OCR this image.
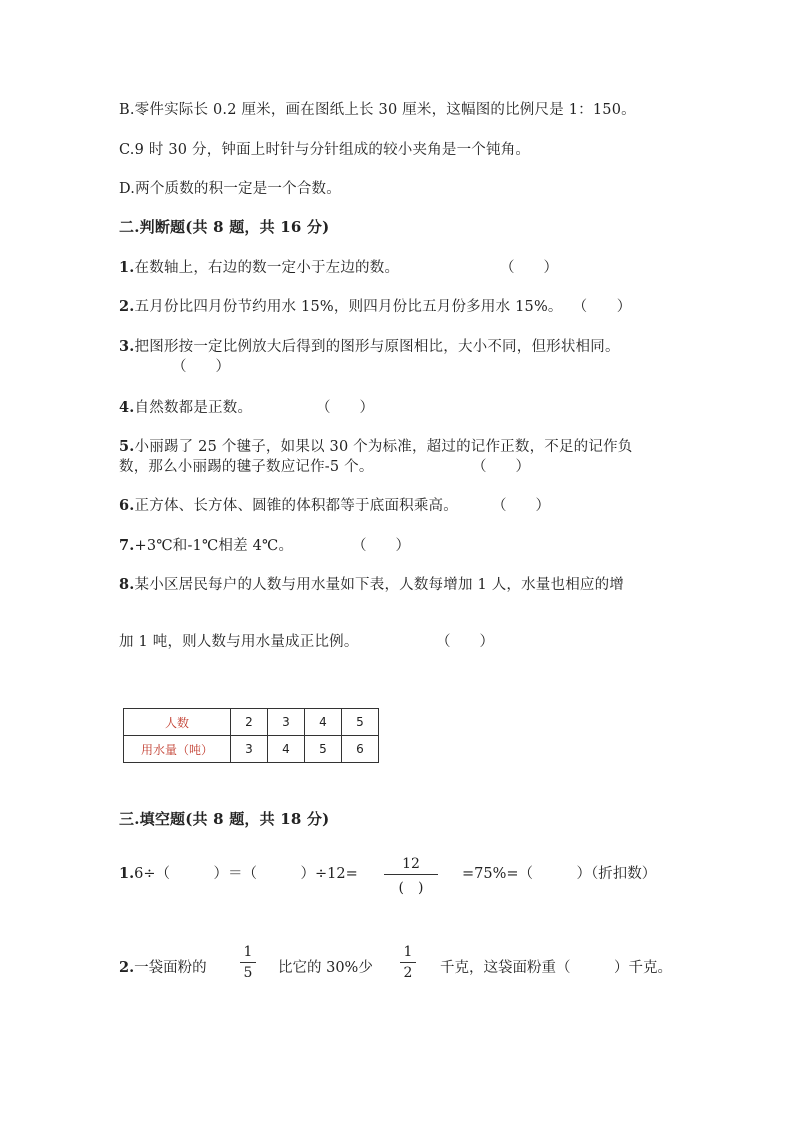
B.零件实际长 0.2 厘米，画在图纸上长 30 厘米，这幅图的比例尺是 1：150。
C.9 时 30 分，钟面上时针与分针组成的较小夹角是一个钝角。
D.两个质数的积一定是一个合数。
二.判断题(共 8 题，共 16 分)
1.在数轴上，右边的数一定小于左边的数。	（　　）
2.五月份比四月份节约用水 15%，则四月份比五月份多用水 15%。 （　　）
3.把图形按一定比例放大后得到的图形与原图相比，大小不同，但形状相同。
（　　）
4.自然数都是正数。	（　　）
5.小丽踢了 25 个毽子，如果以 30 个为标准，超过的记作正数，不足的记作负
数，那么小丽踢的毽子数应记作-5 个。	（　　）
6.正方体、长方体、圆锥的体积都等于底面积乘高。 （　　）
7.+3℃和-1℃相差 4℃。	（　　）
8.某小区居民每户的人数与用水量如下表，人数每增加 1 人，水量也相应的增
加 1 吨，则人数与用水量成正比例。	（　　）
人数	2	3	4	5
用水量（吨）	3	4	5	6
三.填空题(共 8 题，共 18 分)
1.6÷（　　　）＝（　　　）÷12=
12
(　)
=75%=（　　　）（折扣数）
2.一袋面粉的
1
5 比它的 30%少
1
2 千克，这袋面粉重（　　　）千克。
